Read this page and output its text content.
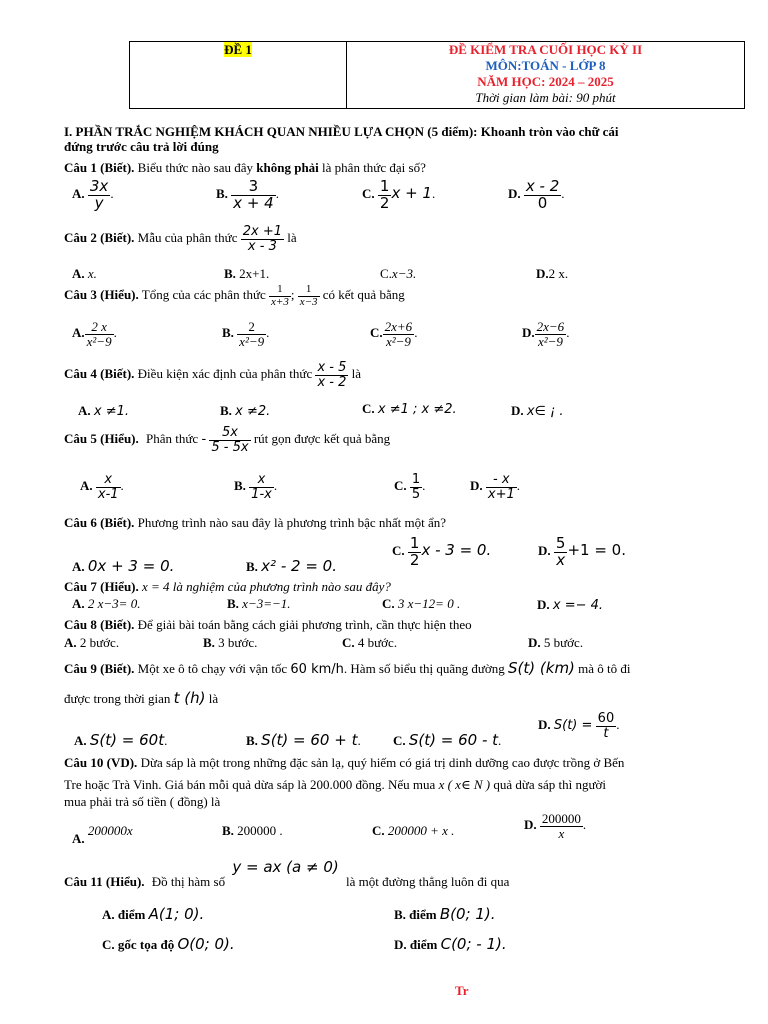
ĐỀ 1	ĐỀ KIỂM TRA CUỐI HỌC KỲ II
MÔN:TOÁN - LỚP 8
NĂM HỌC: 2024 – 2025
Thời gian làm bài: 90 phút
I. PHẦN TRẮC NGHIỆM KHÁCH QUAN NHIỀU LỰA CHỌN (5 điểm): Khoanh tròn vào chữ cái
đứng trước câu trả lời đúng
Câu 1 (Biết). Biểu thức nào sau đây không phải là phân thức đại số?
A. $\frac{3x}{y}$ .	B. $\frac{3}{x + 4}$ .	C. $\frac{1}{2}$ x + 1.	D. $\frac{x - 2}{0}$ .
Câu 2 (Biết). Mẫu của phân thức $\frac{2x +1}{x - 3}$ là
A. x.	B. 2x+1.	C.x−3.	D.2 x.
Câu 3 (Hiểu). Tổng của các phân thức $\frac{1}{x+3}$ ; $\frac{1}{x-3}$ có kết quả bằng
A. $\frac{2 x}{\text{x²−9}}$ .	B. $\frac{2}{\text{x²−9}}$ .	C. $\frac{2x+6}{\text{x²−9}}$ .	D. $\frac{2x-6}{\text{x²−9}}$ .
Câu 4 (Biết). Điều kiện xác định của phân thức $\frac{x - 5}{x - 2}$ là
A. x ≠1.	B. x ≠2.	C. x ≠1 ; x ≠2.	D. x∈ ¡ .
Câu 5 (Hiểu). Phân thức - $\frac{5x}{5 - 5x}$ rút gọn được kết quả bằng
A. $\frac{x}{x-1}$ .	B. $\frac{x}{1-x}$ .	C. $\frac{1}{5}$ .	D. $\frac{- x}{x+1}$ .
Câu 6 (Biết). Phương trình nào sau đây là phương trình bậc nhất một ẩn?
A. 0x + 3 = 0.	B. x² - 2 = 0.
C. $\frac{1}{2}$ x - 3 = 0.	D. $\frac{5}{x} +1 = 0$.
Câu 7 (Hiểu). x = 4 là nghiệm của phương trình nào sau đây?
A. 2 x−3= 0.	B. x−3=−1.	C. 3 x−12= 0 .	D. x =− 4.
Câu 8 (Biết). Để giải bài toán bằng cách giải phương trình, cần thực hiện theo
A. 2 bước.	B. 3 bước.	C. 4 bước.	D. 5 bước.
Câu 9 (Biết). Một xe ô tô chạy với vận tốc 60 km/h. Hàm số biểu thị quãng đường S(t) (km) mà ô tô đi
được trong thời gian t (h) là
A. S(t) = 60t.	B. S(t) = 60 + t. C. S(t) = 60 - t.
D. $S(t) = \frac{60}{t}$ .
Câu 10 (VD). Dừa sáp là một trong những đặc sản lạ, quý hiếm có giá trị dinh dưỡng cao được trồng ở Bến
Tre hoặc Trà Vinh. Giá bán mỗi quả dừa sáp là 200.000 đồng. Nếu mua x ( x∈ N ) quả dừa sáp thì người
mua phải trả số tiền ( đồng) là
A. 200000x	B. 200000 .	C. 200000 + x .	D. $\frac{200000}{x}$ .
Câu 11 (Hiểu). Đồ thị hàm số y = ax (a ≠ 0) là một đường thẳng luôn đi qua
A. điểm A(1; 0).	B. điểm B(0; 1).
C. gốc tọa độ O(0; 0).	D. điểm C(0; - 1).
Tr
